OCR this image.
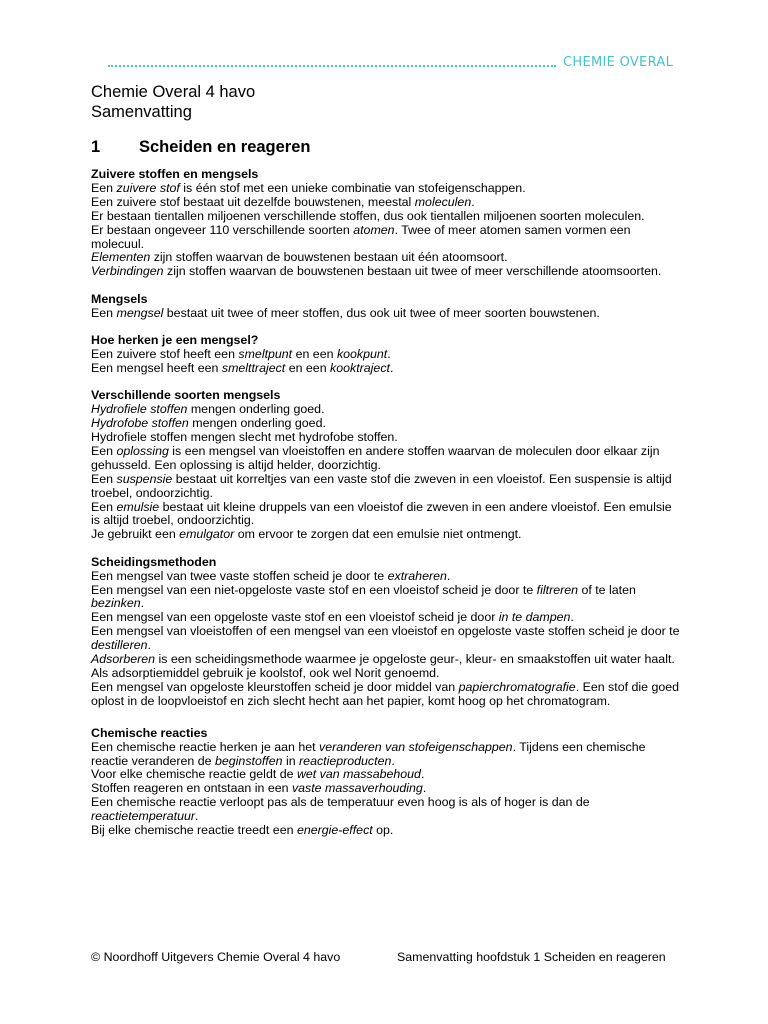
CHEMIE OVERAL
Chemie Overal 4 havo
Samenvatting
1 Scheiden en reageren
Zuivere stoffen en mengsels

Een zuivere stof is één stof met een unieke combinatie van stofeigenschappen.

Een zuivere stof bestaat uit dezelfde bouwstenen, meestal moleculen.

Er bestaan tientallen miljoenen verschillende stoffen, dus ook tientallen miljoenen soorten moleculen.

Er bestaan ongeveer 110 verschillende soorten atomen. Twee of meer atomen samen vormen een molecuul.

Elementen zijn stoffen waarvan de bouwstenen bestaan uit één atoomsoort.

Verbindingen zijn stoffen waarvan de bouwstenen bestaan uit twee of meer verschillende atoomsoorten.

Mengsels

Een mengsel bestaat uit twee of meer stoffen, dus ook uit twee of meer soorten bouwstenen.

Hoe herken je een mengsel?

Een zuivere stof heeft een smeltpunt en een kookpunt.

Een mengsel heeft een smelttraject en een kooktraject.

Verschillende soorten mengsels

Hydrofiele stoffen mengen onderling goed.

Hydrofobe stoffen mengen onderling goed.

Hydrofiele stoffen mengen slecht met hydrofobe stoffen.

Een oplossing is een mengsel van vloeistoffen en andere stoffen waarvan de moleculen door elkaar zijn gehusseld. Een oplossing is altijd helder, doorzichtig.

Een suspensie bestaat uit korreltjes van een vaste stof die zweven in een vloeistof. Een suspensie is altijd troebel, ondoorzichtig.

Een emulsie bestaat uit kleine druppels van een vloeistof die zweven in een andere vloeistof. Een emulsie is altijd troebel, ondoorzichtig.

Je gebruikt een emulgator om ervoor te zorgen dat een emulsie niet ontmengt.

Scheidingsmethoden

Een mengsel van twee vaste stoffen scheid je door te extraheren.

Een mengsel van een niet-opgeloste vaste stof en een vloeistof scheid je door te filtreren of te laten bezinken.

Een mengsel van een opgeloste vaste stof en een vloeistof scheid je door in te dampen.

Een mengsel van vloeistoffen of een mengsel van een vloeistof en opgeloste vaste stoffen scheid je door te destilleren.

Adsorberen is een scheidingsmethode waarmee je opgeloste geur-, kleur- en smaakstoffen uit water haalt. Als adsorptiemiddel gebruik je koolstof, ook wel Norit genoemd.

Een mengsel van opgeloste kleurstoffen scheid je door middel van papierchromatografie. Een stof die goed oplost in de loopvloeistof en zich slecht hecht aan het papier, komt hoog op het chromatogram.

Chemische reacties

Een chemische reactie herken je aan het veranderen van stofeigenschappen. Tijdens een chemische reactie veranderen de beginstoffen in reactieproducten.

Voor elke chemische reactie geldt de wet van massabehoud.

Stoffen reageren en ontstaan in een vaste massaverhouding.

Een chemische reactie verloopt pas als de temperatuur even hoog is als of hoger is dan de reactietemperatuur.

Bij elke chemische reactie treedt een energie-effect op.

© Noordhoff Uitgevers Chemie Overal 4 havo	Samenvatting hoofdstuk 1 Scheiden en reageren
